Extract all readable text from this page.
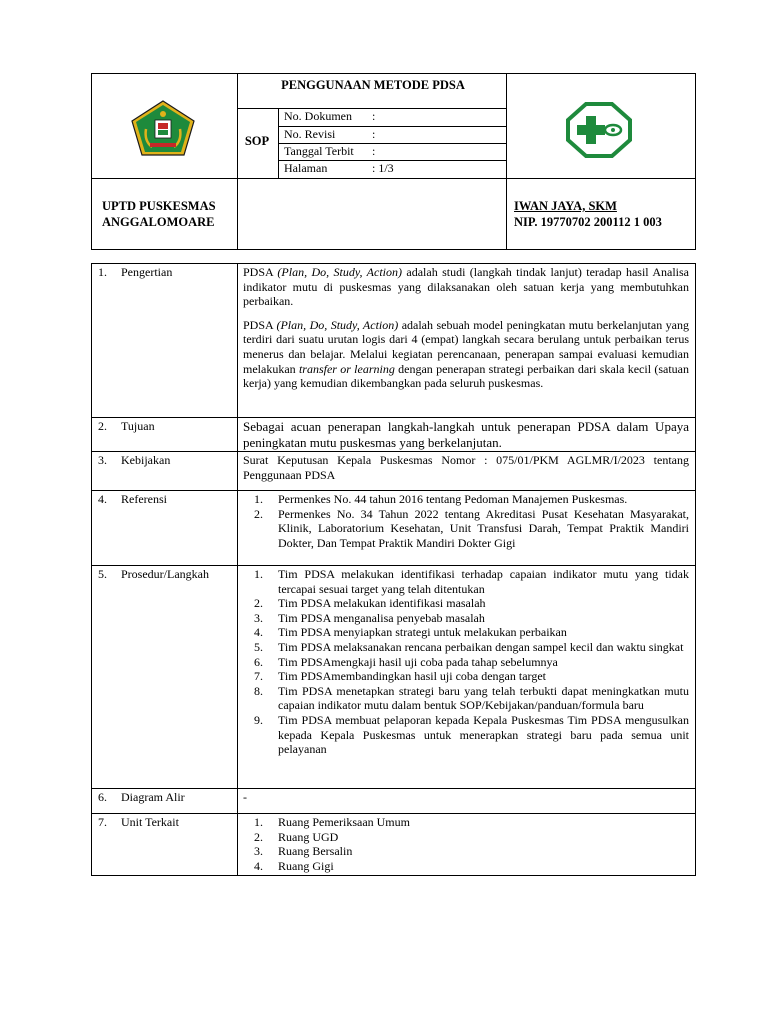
PENGGUNAAN METODE PDSA
SOP
No. Dokumen :
No. Revisi	:
Tanggal Terbit :
Halaman	: 1/3
UPTD PUSKESMAS
ANGGALOMOARE
IWAN JAYA, SKM
NIP. 19770702 200112 1 003
1. Pengertian	PDSA (Plan, Do, Study, Action) adalah studi (langkah tindak lanjut) teradap hasil Analisa indikator mutu di puskesmas yang dilaksanakan oleh satuan kerja yang membutuhkan perbaikan.

PDSA (Plan, Do, Study, Action) adalah sebuah model peningkatan mutu berkelanjutan yang terdiri dari suatu urutan logis dari 4 (empat) langkah secara berulang untuk perbaikan terus menerus dan belajar. Melalui kegiatan perencanaan, penerapan sampai evaluasi kemudian melakukan transfer or learning dengan penerapan strategi perbaikan dari skala kecil (satuan kerja) yang kemudian dikembangkan pada seluruh puskesmas.

2. Tujuan	Sebagai acuan penerapan langkah-langkah untuk penerapan PDSA dalam Upaya peningkatan mutu puskesmas yang berkelanjutan.
3. Kebijakan	Surat Keputusan Kepala Puskesmas Nomor : 075/01/PKM AGLMR/I/2023 tentang Penggunaan PDSA
4. Referensi	1. Permenkes No. 44 tahun 2016 tentang Pedoman Manajemen Puskesmas.
2. Permenkes No. 34 Tahun 2022 tentang Akreditasi Pusat Kesehatan Masyarakat, Klinik, Laboratorium Kesehatan, Unit Transfusi Darah, Tempat Praktik Mandiri Dokter, Dan Tempat Praktik Mandiri Dokter Gigi
5. Prosedur/Langkah	1. Tim PDSA melakukan identifikasi terhadap capaian indikator mutu yang tidak tercapai sesuai target yang telah ditentukan
2. Tim PDSA melakukan identifikasi masalah
3. Tim PDSA menganalisa penyebab masalah
4. Tim PDSA menyiapkan strategi untuk melakukan perbaikan
5. Tim PDSA melaksanakan rencana perbaikan dengan sampel kecil dan waktu singkat
6. Tim PDSAmengkaji hasil uji coba pada tahap sebelumnya
7. Tim PDSAmembandingkan hasil uji coba dengan target
8. Tim PDSA menetapkan strategi baru yang telah terbukti dapat meningkatkan mutu capaian indikator mutu dalam bentuk SOP/Kebijakan/panduan/formula baru
9. Tim PDSA membuat pelaporan kepada Kepala Puskesmas Tim PDSA mengusulkan kepada Kepala Puskesmas untuk menerapkan strategi baru pada semua unit pelayanan
6. Diagram Alir	-
7. Unit Terkait	1. Ruang Pemeriksaan Umum
2. Ruang UGD
3. Ruang Bersalin
4. Ruang Gigi
